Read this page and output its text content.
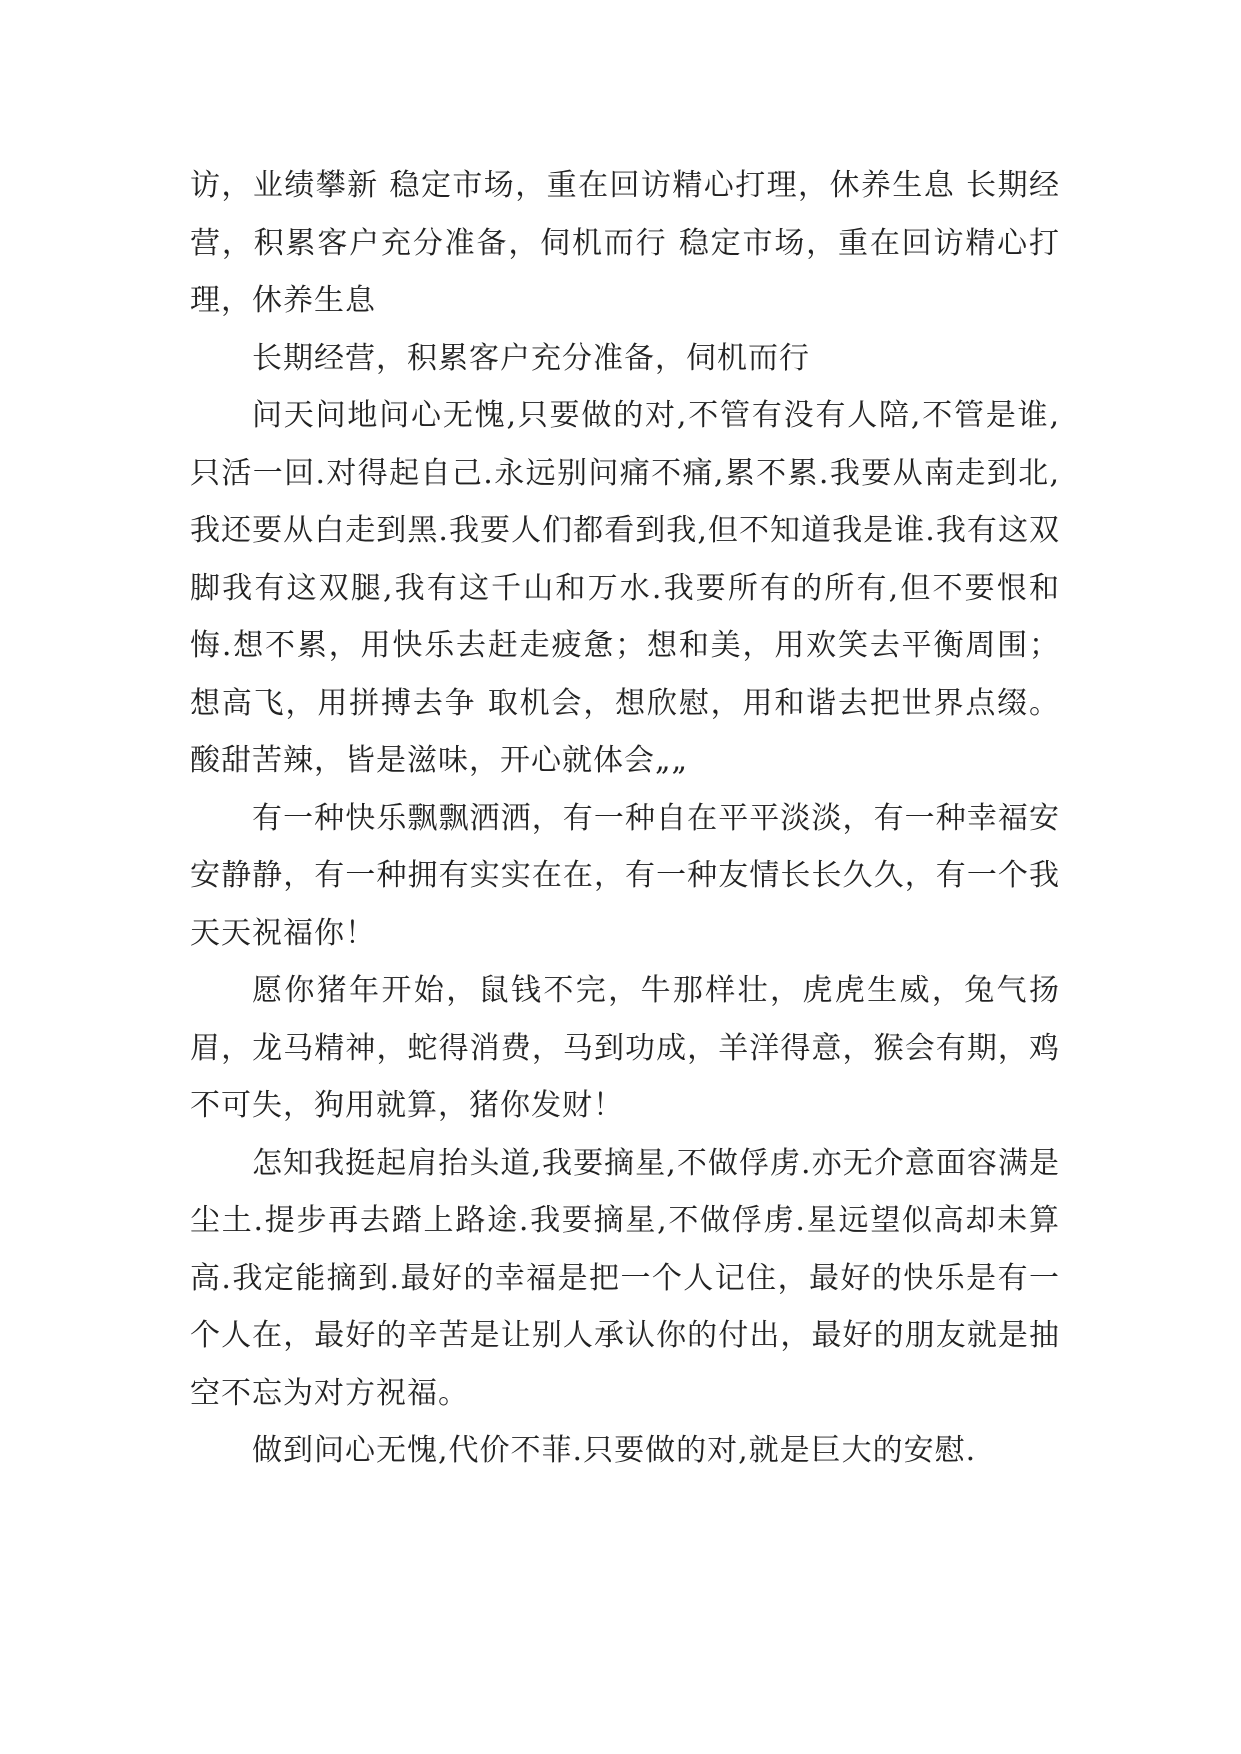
访，业绩攀新 稳定市场，重在回访精心打理，休养生息 长期经营，积累客户充分准备，伺机而行 稳定市场，重在回访精心打理，休养生息

长期经营，积累客户充分准备，伺机而行

问天问地问心无愧,只要做的对,不管有没有人陪,不管是谁,只活一回.对得起自己.永远别问痛不痛,累不累.我要从南走到北,我还要从白走到黑.我要人们都看到我,但不知道我是谁.我有这双脚我有这双腿,我有这千山和万水.我要所有的所有,但不要恨和悔.想不累，用快乐去赶走疲惫；想和美，用欢笑去平衡周围；想高飞，用拼搏去争 取机会，想欣慰，用和谐去把世界点缀。酸甜苦辣，皆是滋味，开心就体会„„

有一种快乐飘飘洒洒，有一种自在平平淡淡，有一种幸福安安静静，有一种拥有实实在在，有一种友情长长久久，有一个我天天祝福你！

愿你猪年开始，鼠钱不完，牛那样壮，虎虎生威，兔气扬眉，龙马精神，蛇得消费，马到功成，羊洋得意，猴会有期，鸡不可失，狗用就算，猪你发财！

怎知我挺起肩抬头道,我要摘星,不做俘虏.亦无介意面容满是尘土.提步再去踏上路途.我要摘星,不做俘虏.星远望似高却未算高.我定能摘到.最好的幸福是把一个人记住，最好的快乐是有一个人在，最好的辛苦是让别人承认你的付出，最好的朋友就是抽空不忘为对方祝福。

做到问心无愧,代价不菲.只要做的对,就是巨大的安慰.
